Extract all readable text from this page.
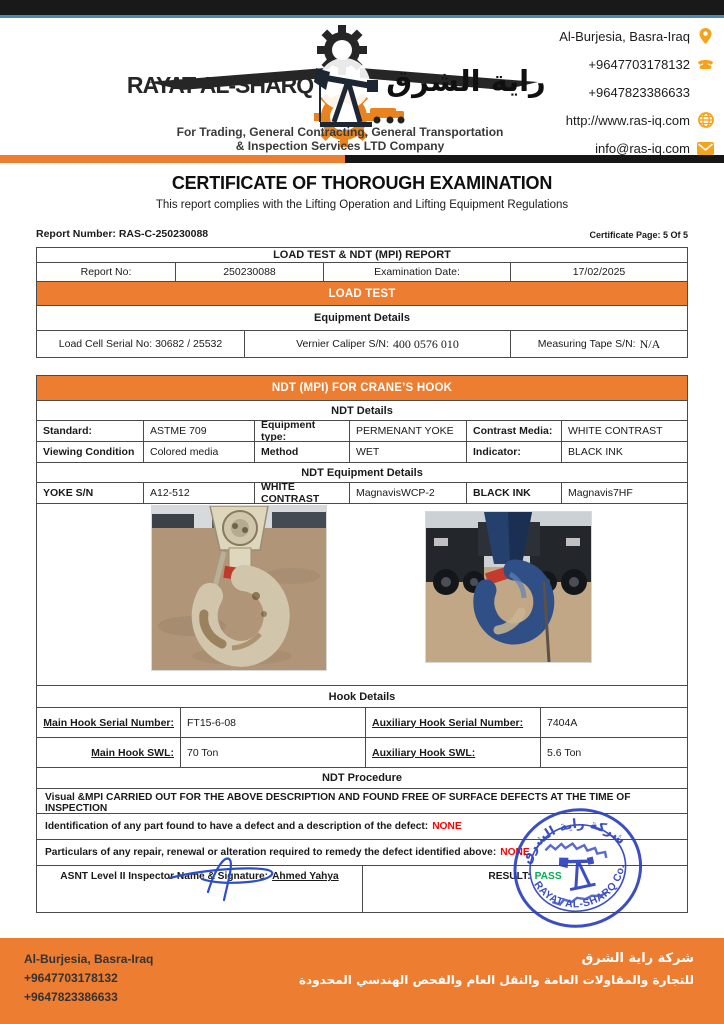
RAYAT AL-SHARQ	راية الشرق
For Trading, General Contracting, General Transportation
& Inspection Services LTD Company
Al-Burjesia, Basra-Iraq
+9647703178132
+9647823386633
http://www.ras-iq.com
info@ras-iq.com
CERTIFICATE OF THOROUGH EXAMINATION
This report complies with the Lifting Operation and Lifting Equipment Regulations
Report Number: RAS-C-250230088	Certificate Page: 5 Of 5
LOAD TEST & NDT (MPI) REPORT
Report No:	250230088	Examination Date:	17/02/2025
LOAD TEST
Equipment Details
Load Cell Serial No: 30682 / 25532	Vernier Caliper S/N: 400 0576 010	Measuring Tape S/N: N/A
NDT (MPI) FOR CRANE’S HOOK
NDT Details
Standard:	ASTME 709	Equipment type:	PERMENANT YOKE	Contrast Media:	WHITE CONTRAST
Viewing Condition	Colored media	Method	WET	Indicator:	BLACK INK
NDT Equipment Details
YOKE S/N	A12-512	WHITE CONTRAST	MagnavisWCP-2	BLACK INK	Magnavis7HF
Hook Details
Main Hook Serial Number:	FT15-6-08	Auxiliary Hook Serial Number:	7404A
Main Hook SWL:	70 Ton	Auxiliary Hook SWL:	5.6 Ton
NDT Procedure
Visual &MPI CARRIED OUT FOR THE ABOVE DESCRIPTION AND FOUND FREE OF SURFACE DEFECTS AT THE TIME OF INSPECTION
Identification of any part found to have a defect and a description of the defect: NONE
Particulars of any repair, renewal or alteration required to remedy the defect identified above: NONE
ASNT Level II Inspector Name & Signature: Ahmed Yahya	RESULT: PASS
شركة راية الشرق
RAYAT AL-SHARQ Co.
Al-Burjesia, Basra-Iraq
+9647703178132
+9647823386633
شركة راية الشرق
للتجارة والمقاولات العامة والنقل العام والفحص الهندسي المحدودة
